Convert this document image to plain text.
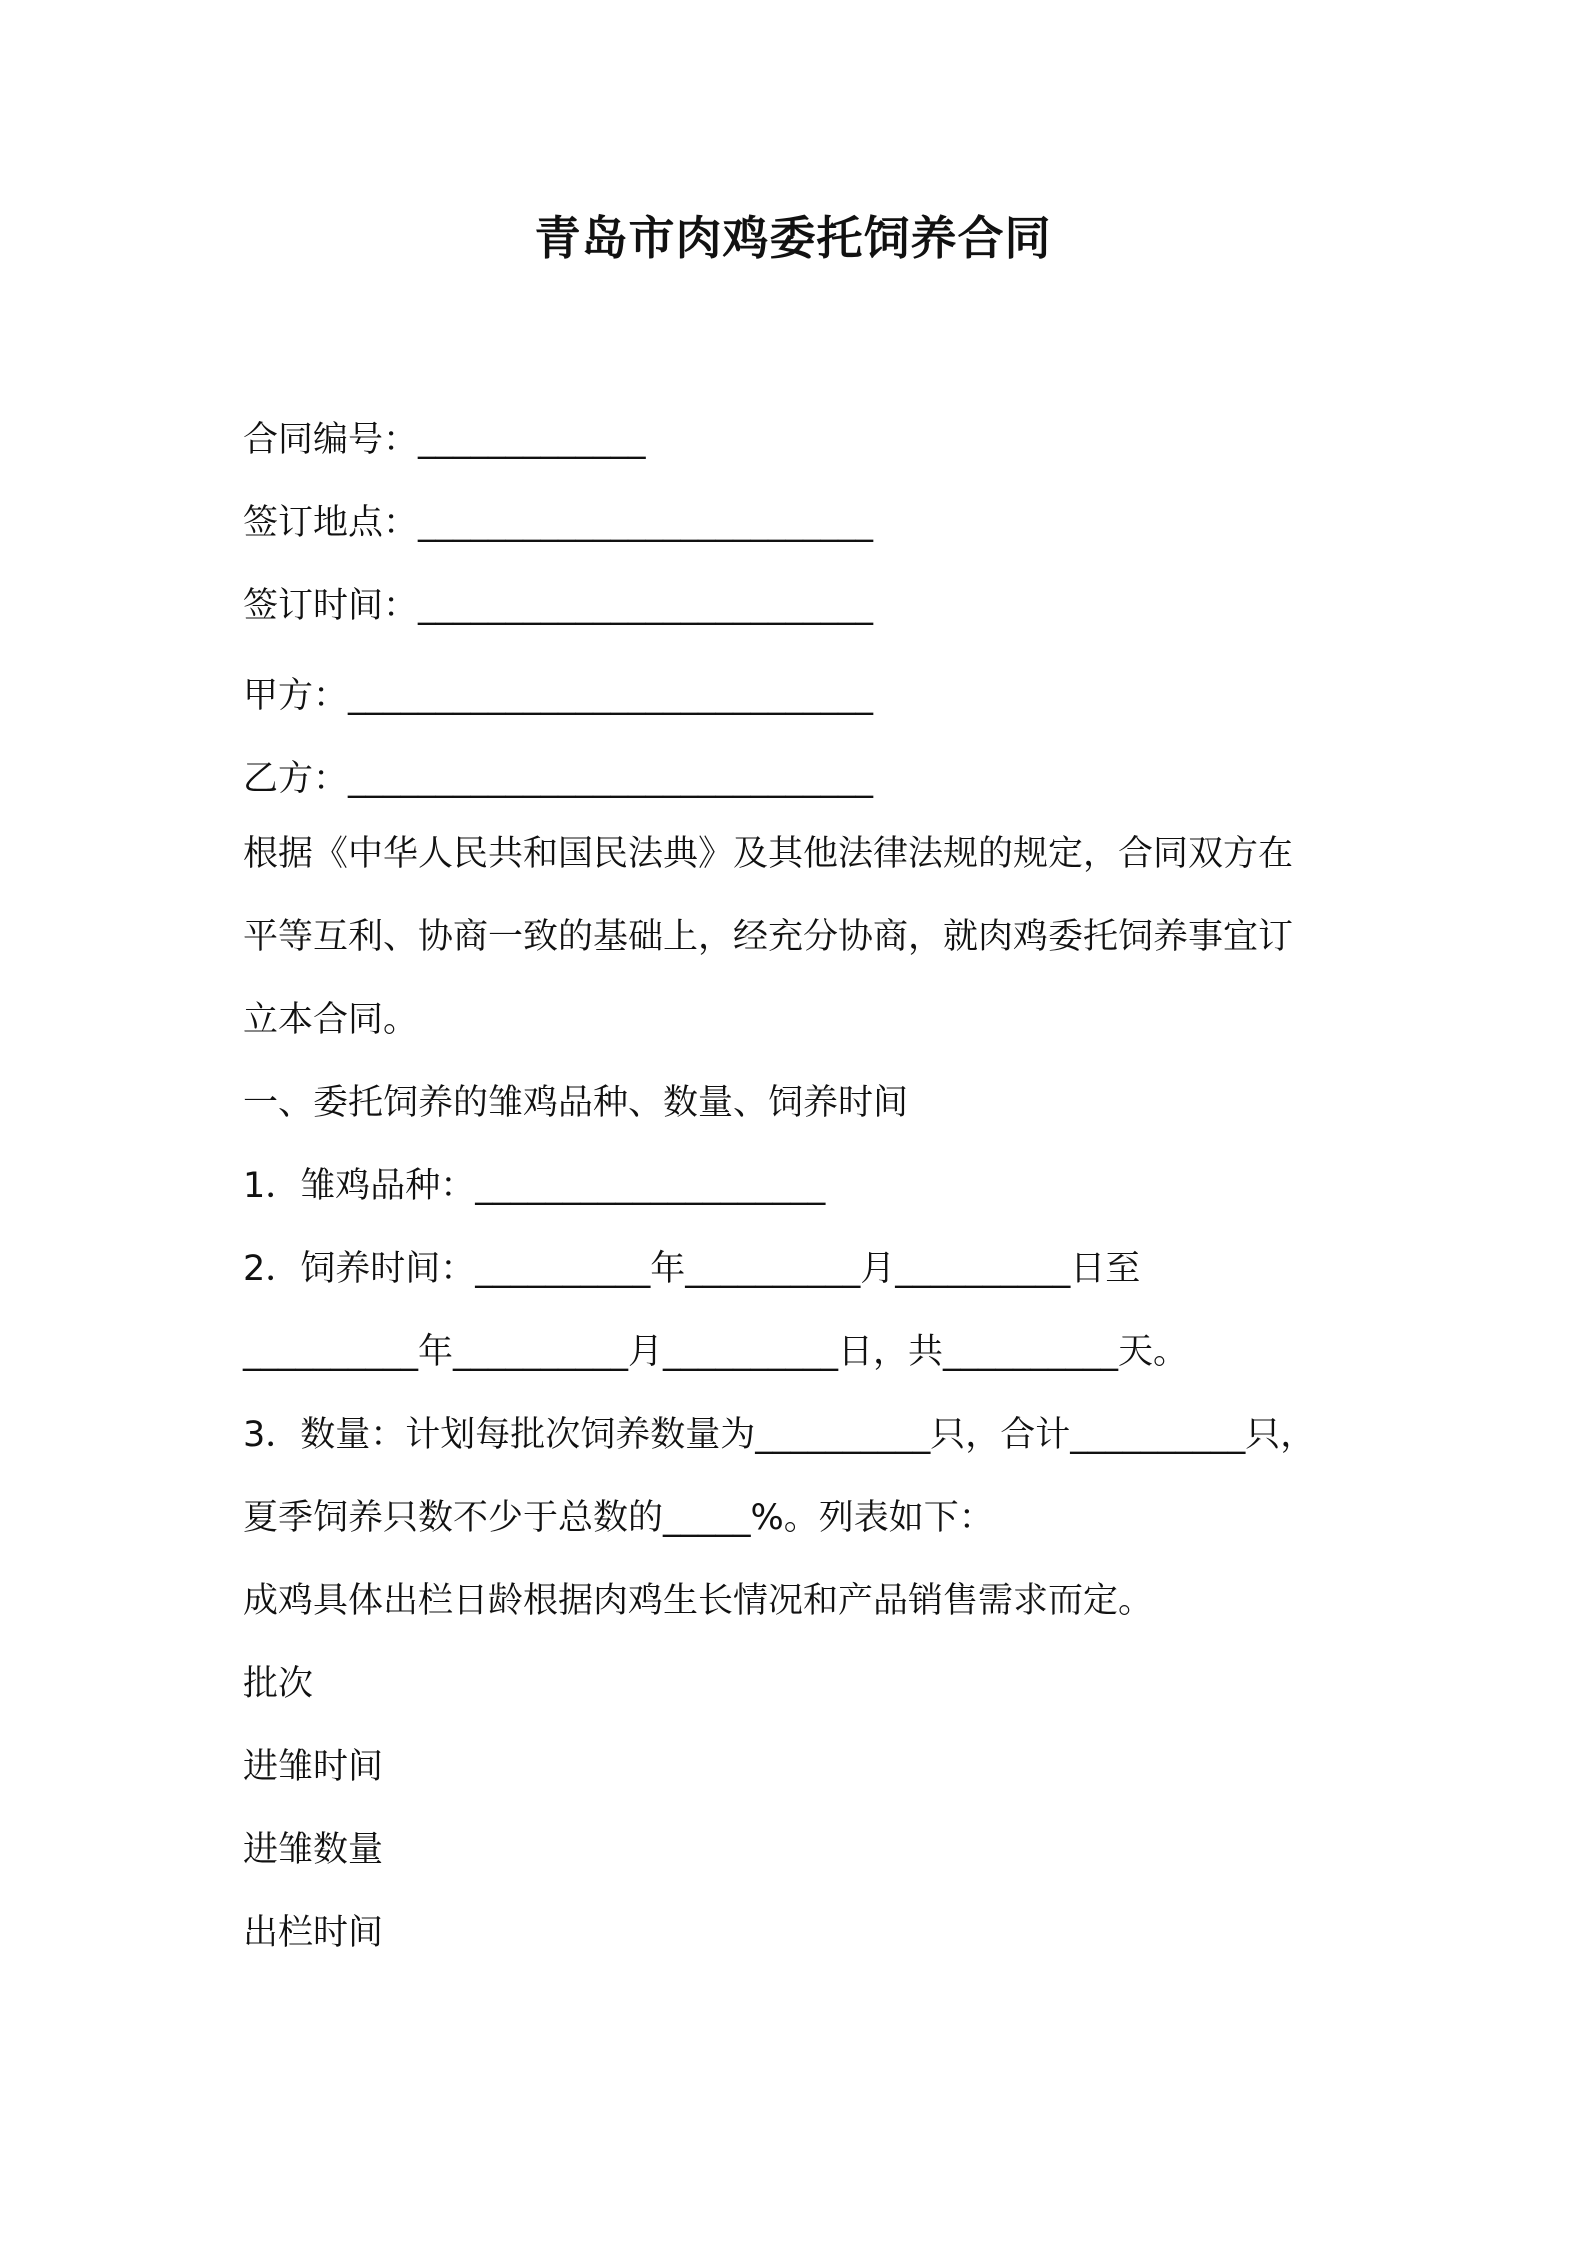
青岛市肉鸡委托饲养合同
合同编号：_____________
签订地点：__________________________
签订时间：__________________________
甲方：______________________________
乙方：______________________________
根据《中华人民共和国民法典》及其他法律法规的规定，合同双方在
平等互利、协商一致的基础上，经充分协商，就肉鸡委托饲养事宜订
立本合同。
一、委托饲养的雏鸡品种、数量、饲养时间
1．雏鸡品种：____________________
2．饲养时间：__________年__________月__________日至
__________年__________月__________日，共__________天。
3．数量：计划每批次饲养数量为__________只，合计__________只，
夏季饲养只数不少于总数的_____%。列表如下：
成鸡具体出栏日龄根据肉鸡生长情况和产品销售需求而定。
批次
进雏时间
进雏数量
出栏时间
